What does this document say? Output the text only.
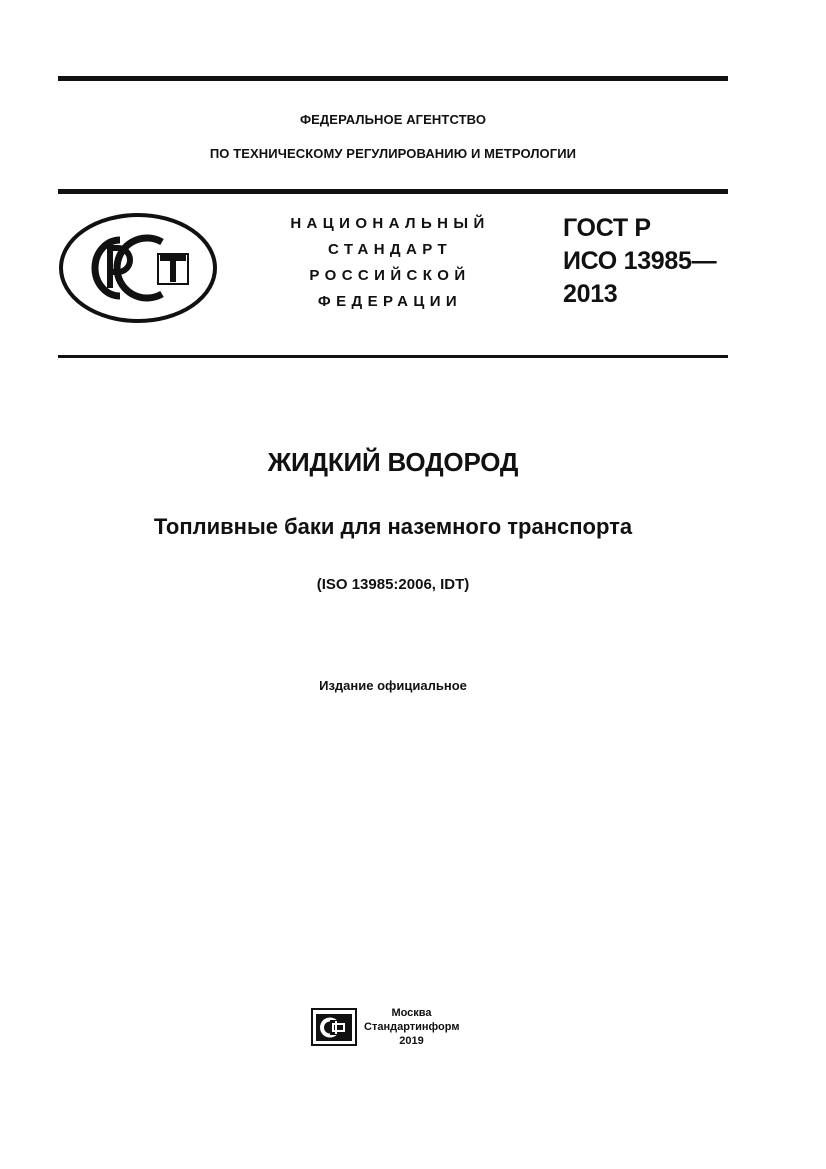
ФЕДЕРАЛЬНОЕ АГЕНТСТВО
ПО ТЕХНИЧЕСКОМУ РЕГУЛИРОВАНИЮ И МЕТРОЛОГИИ
НАЦИОНАЛЬНЫЙ
СТАНДАРТ
РОССИЙСКОЙ
ФЕДЕРАЦИИ
ГОСТ Р
ИСО 13985—
2013
ЖИДКИЙ ВОДОРОД
Топливные баки для наземного транспорта
(ISO 13985:2006, IDT)
Издание официальное
Москва
Стандартинформ
2019
